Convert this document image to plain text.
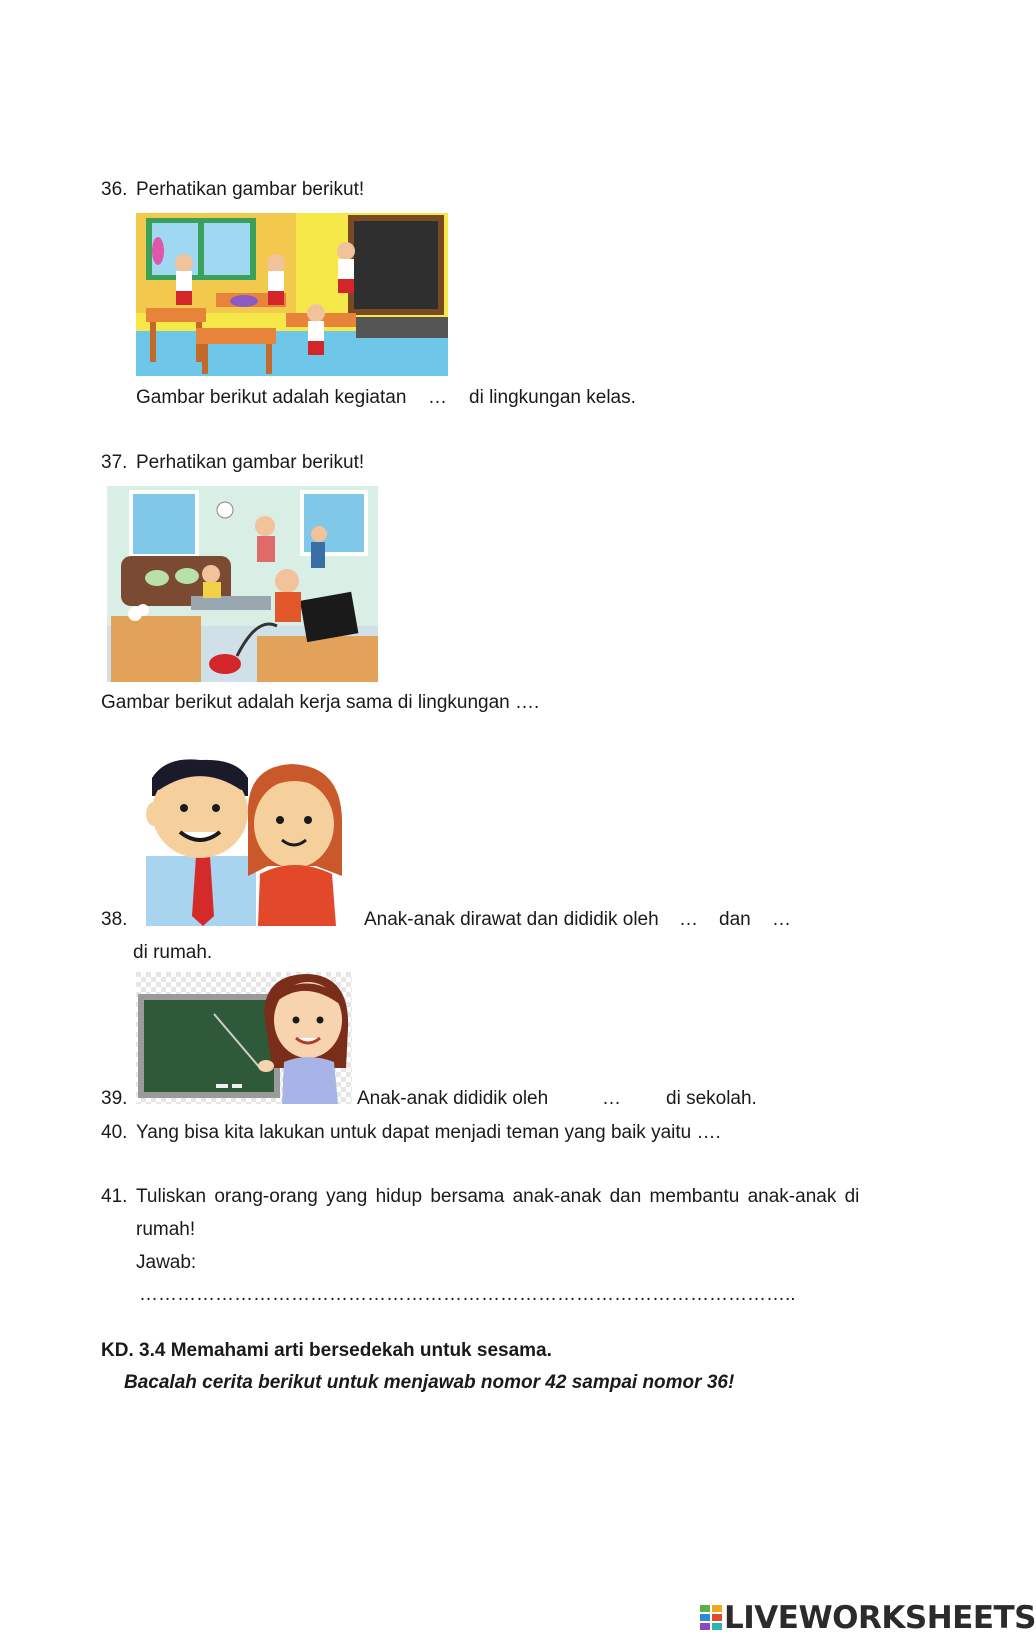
36. Perhatikan gambar berikut!
Gambar berikut adalah kegiatan … di lingkungan kelas.
37. Perhatikan gambar berikut!
Gambar berikut adalah kerja sama di lingkungan ….
38.	Anak-anak dirawat dan dididik oleh … dan …
di rumah.
39.	Anak-anak dididik oleh	… di sekolah.
40. Yang bisa kita lakukan untuk dapat menjadi teman yang baik yaitu ….
41. Tuliskan orang-orang yang hidup bersama anak-anak dan membantu anak-anak di
rumah!
Jawab:
…………………………………………………………………………………………..
KD. 3.4 Memahami arti bersedekah untuk sesama.
Bacalah cerita berikut untuk menjawab nomor 42 sampai nomor 36!
LIVEWORKSHEETS
